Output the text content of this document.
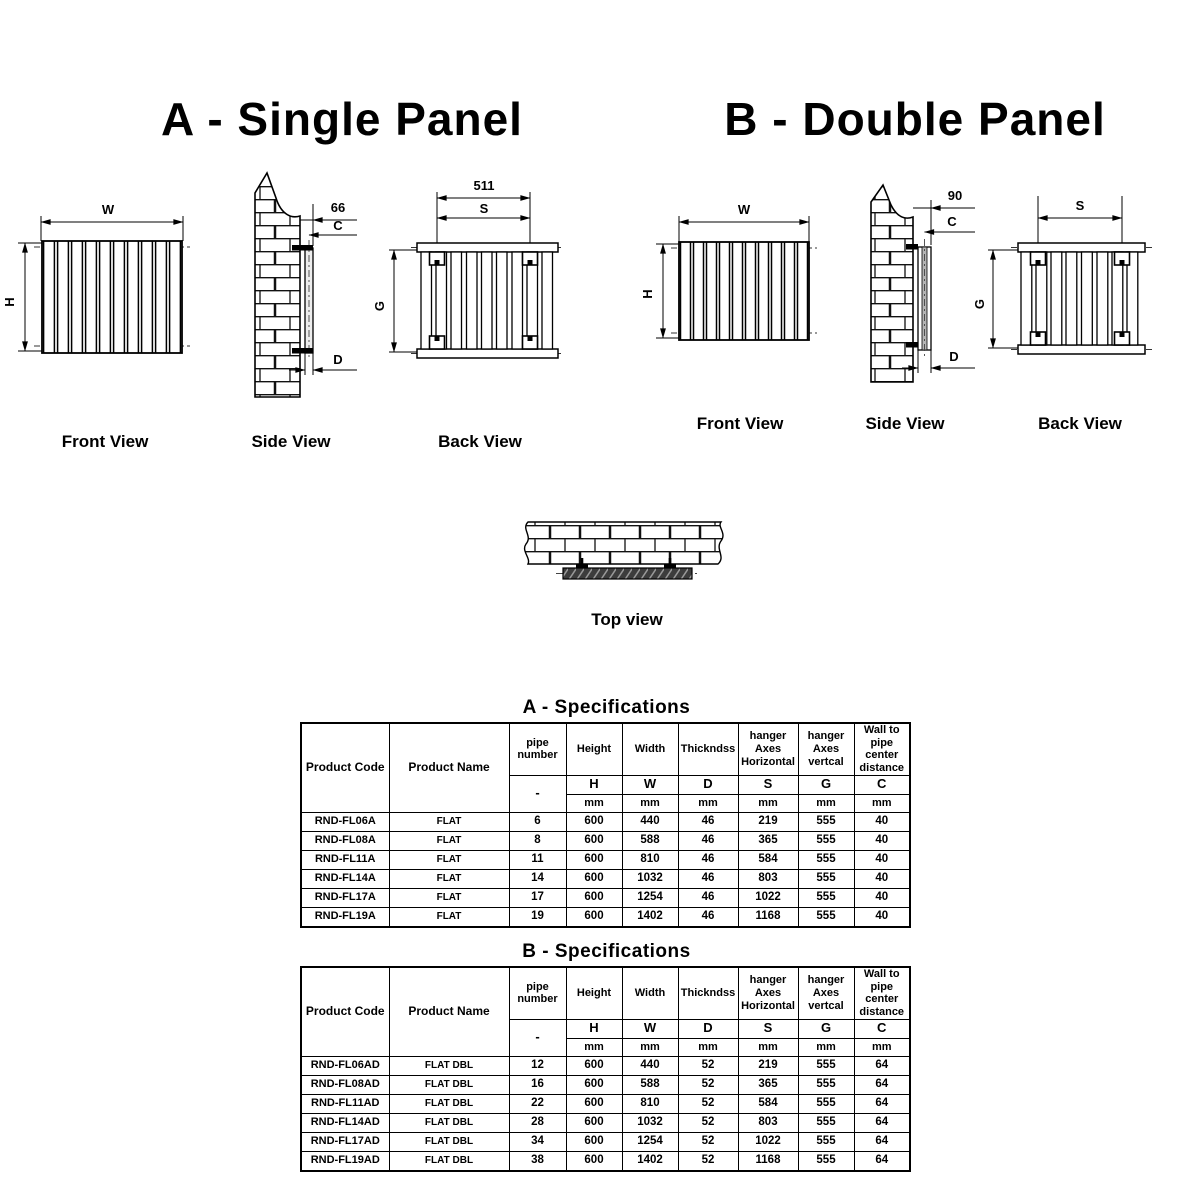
A - Single Panel	B - Double Panel
W
H
66
C
D
511
S
G
W
H
90
C
D
S
G
Front View	Side View	Back View
Front View	Side View	Back View
Top view
A - Specifications
Product Code	Product Name	pipe number	Height	Width	Thickndss	hanger Axes Horizontal	hanger Axes vertcal	Wall to pipe center distance
		-	H	W	D	S	G	C
			mm	mm	mm	mm	mm	mm
RND-FL06A	FLAT	6	600	440	46	219	555	40
RND-FL08A	FLAT	8	600	588	46	365	555	40
RND-FL11A	FLAT	11	600	810	46	584	555	40
RND-FL14A	FLAT	14	600	1032	46	803	555	40
RND-FL17A	FLAT	17	600	1254	46	1022	555	40
RND-FL19A	FLAT	19	600	1402	46	1168	555	40
B - Specifications
Product Code	Product Name	pipe number	Height	Width	Thickndss	hanger Axes Horizontal	hanger Axes vertcal	Wall to pipe center distance
		-	H	W	D	S	G	C
			mm	mm	mm	mm	mm	mm
RND-FL06AD	FLAT DBL	12	600	440	52	219	555	64
RND-FL08AD	FLAT DBL	16	600	588	52	365	555	64
RND-FL11AD	FLAT DBL	22	600	810	52	584	555	64
RND-FL14AD	FLAT DBL	28	600	1032	52	803	555	64
RND-FL17AD	FLAT DBL	34	600	1254	52	1022	555	64
RND-FL19AD	FLAT DBL	38	600	1402	52	1168	555	64
